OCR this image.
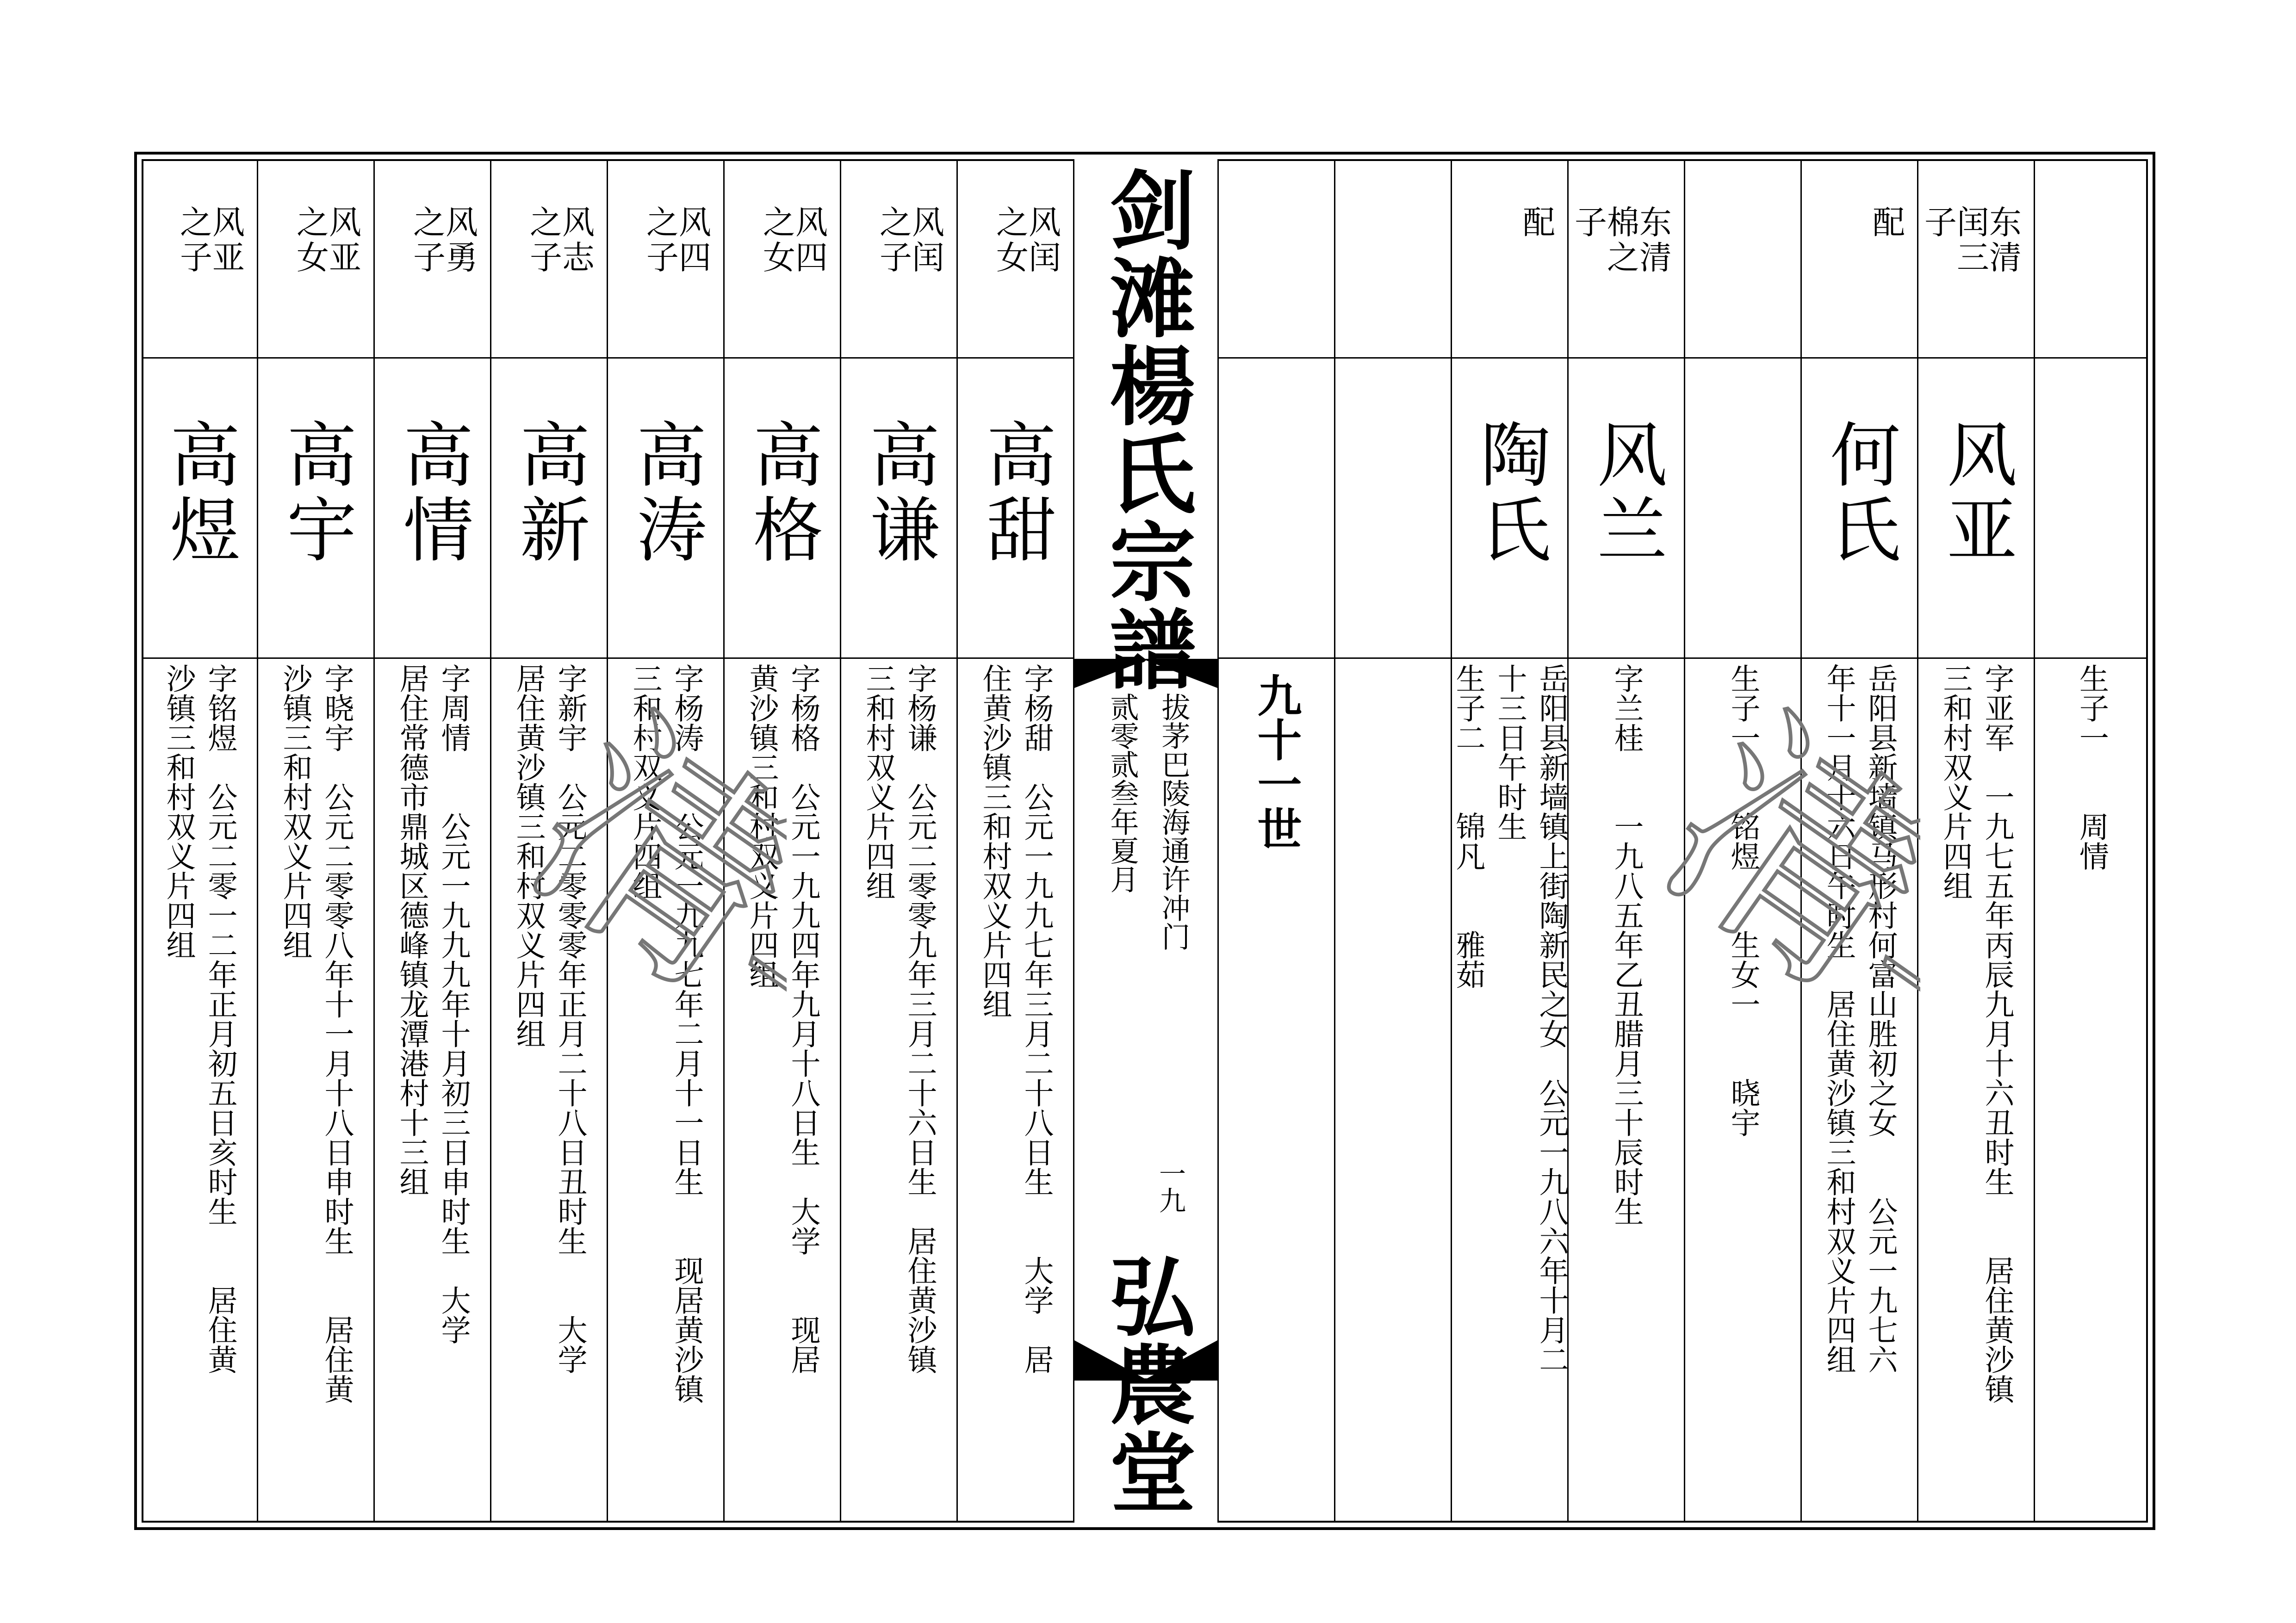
之风
子亚
高煜
字铭煜　公元二零一二年正月初五日亥时生　　居住黄
沙镇三和村双义片四组
之风
女亚
高宇
字晓宇　公元二零零八年十一月十八日申时生　　居住黄
沙镇三和村双义片四组
之风
子勇
高情
字周情　　公元一九九九年十月初三日申时生　大学
居住常德市鼎城区德峰镇龙潭港村十三组
之风
子志
高新
字新宇　公元二零零零年正月二十八日丑时生　　大学
居住黄沙镇三和村双义片四组
之风
子四
高涛
字杨涛　　公元一九九七年二月十一日生　　现居黄沙镇
三和村双义片四组
之风
女四
高格
字杨格　公元一九九四年九月十八日生　大学　　现居
黄沙镇三和村双义片四组
之风
子闰
高谦
字杨谦　公元二零零九年三月二十六日生　居住黄沙镇
三和村双义片四组
之风
女闰
高甜
字杨甜　公元一九九七年三月二十八日生　　大学　居
住黄沙镇三和村双义片四组
剑滩楊氏宗譜
拔茅巴陵海通许冲门
贰零贰叁年夏月
一九
弘農堂
九十一世
配
陶氏
岳阳县新墙镇上街陶新民之女　公元一九八六年十月二
十三日午时生
生子二　　锦凡　　雅茹
子棉东
之清
风兰
字兰桂　　一九八五年乙丑腊月三十辰时生	生子一　　铭煜　　生女一　　晓宇
配
何氏
岳阳县新墙镇马形村何富山胜初之女　　公元一九七六
年十一月十六日午时生　居住黄沙镇三和村双义片四组
子闰东
三清
风亚
字亚军　一九七五年丙辰九月十六丑时生　　居住黄沙镇
三和村双义片四组	生子一　　周情
清华 清华
